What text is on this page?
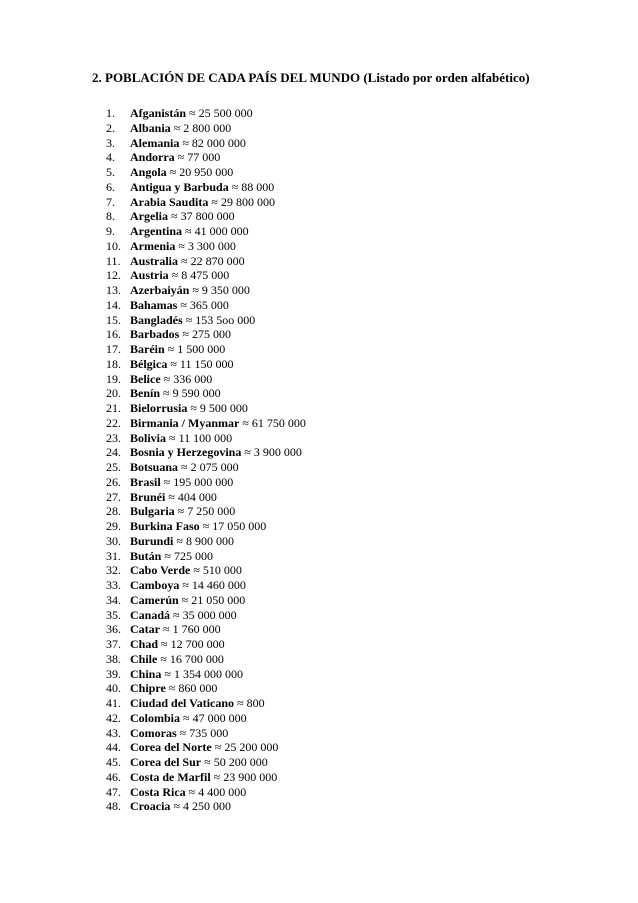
2. POBLACIÓN DE CADA PAÍS DEL MUNDO (Listado por orden alfabético)
1.	Afganistán ≈ 25 500 000
2.	Albania ≈ 2 800 000
3.	Alemania ≈ 82 000 000
4.	Andorra ≈ 77 000
5.	Angola ≈ 20 950 000
6.	Antigua y Barbuda ≈ 88 000
7.	Arabia Saudita ≈ 29 800 000
8.	Argelia ≈ 37 800 000
9.	Argentina ≈ 41 000 000
10. Armenia ≈ 3 300 000
11. Australia ≈ 22 870 000
12. Austria ≈ 8 475 000
13. Azerbaiyán ≈ 9 350 000
14. Bahamas ≈ 365 000
15. Bangladés ≈ 153 5oo 000
16. Barbados ≈ 275 000
17. Baréin ≈ 1 500 000
18. Bélgica ≈ 11 150 000
19. Belice ≈ 336 000
20. Benín ≈ 9 590 000
21. Bielorrusia ≈ 9 500 000
22. Birmania / Myanmar ≈ 61 750 000
23. Bolivia ≈ 11 100 000
24. Bosnia y Herzegovina ≈ 3 900 000
25. Botsuana ≈ 2 075 000
26. Brasil ≈ 195 000 000
27. Brunéi ≈ 404 000
28. Bulgaria ≈ 7 250 000
29. Burkina Faso ≈ 17 050 000
30. Burundi ≈ 8 900 000
31. Bután ≈ 725 000
32. Cabo Verde ≈ 510 000
33. Camboya ≈ 14 460 000
34. Camerún ≈ 21 050 000
35. Canadá ≈ 35 000 000
36. Catar ≈ 1 760 000
37. Chad ≈ 12 700 000
38. Chile ≈ 16 700 000
39. China ≈ 1 354 000 000
40. Chipre ≈ 860 000
41. Ciudad del Vaticano ≈ 800
42. Colombia ≈ 47 000 000
43. Comoras ≈ 735 000
44. Corea del Norte ≈ 25 200 000
45. Corea del Sur ≈ 50 200 000
46. Costa de Marfil ≈ 23 900 000
47. Costa Rica ≈ 4 400 000
48. Croacia ≈ 4 250 000
